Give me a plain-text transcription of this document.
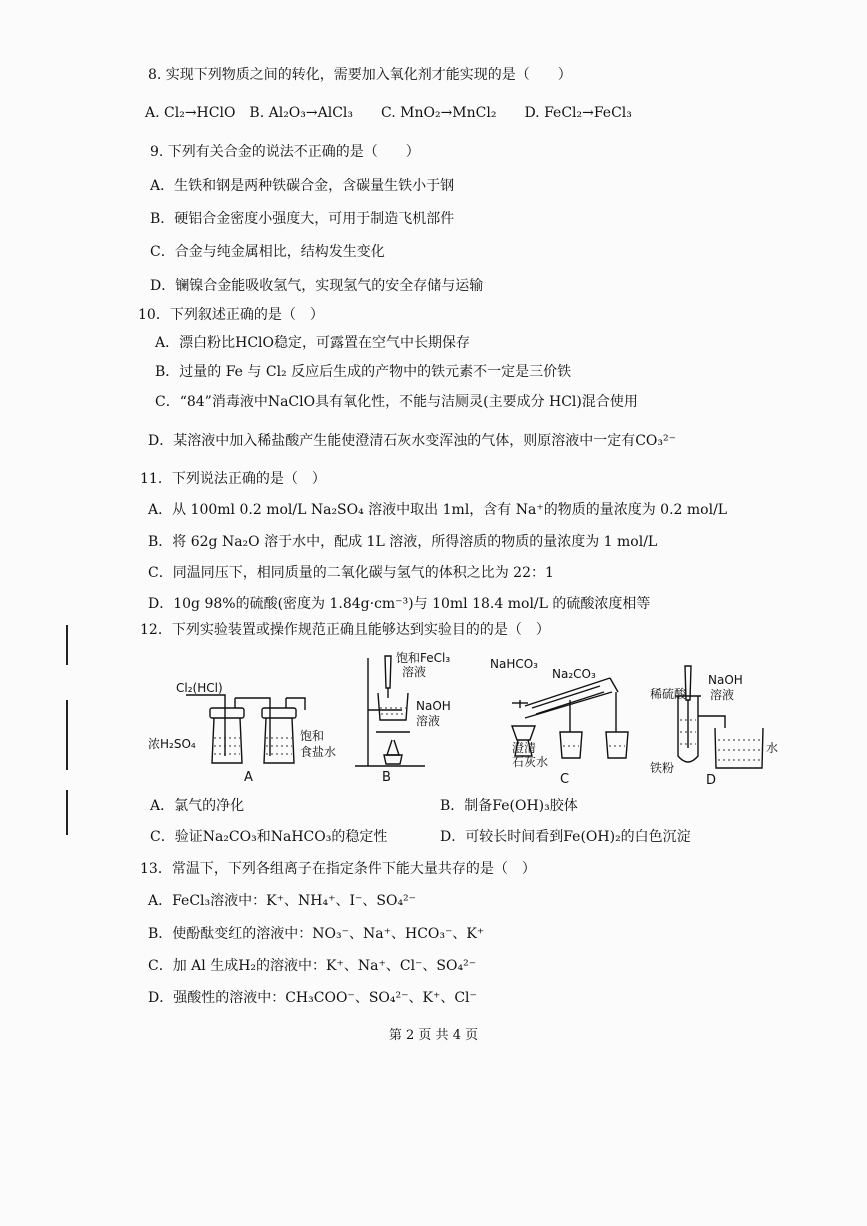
8. 实现下列物质之间的转化，需要加入氧化剂才能实现的是（　　）
A. Cl₂→HClO　B. Al₂O₃→AlCl₃　　C. MnO₂→MnCl₂　　D. FeCl₂→FeCl₃
9. 下列有关合金的说法不正确的是（　　）
A．生铁和钢是两种铁碳合金，含碳量生铁小于钢
B．硬铝合金密度小强度大，可用于制造飞机部件
C．合金与纯金属相比，结构发生变化
D．镧镍合金能吸收氢气，实现氢气的安全存储与运输
10．下列叙述正确的是（　）
A．漂白粉比HClO稳定，可露置在空气中长期保存
B．过量的 Fe 与 Cl₂ 反应后生成的产物中的铁元素不一定是三价铁
C．“84”消毒液中NaClO具有氧化性，不能与洁厕灵(主要成分 HCl)混合使用
D．某溶液中加入稀盐酸产生能使澄清石灰水变浑浊的气体，则原溶液中一定有CO₃²⁻
11．下列说法正确的是（　）
A．从 100ml 0.2 mol/L Na₂SO₄ 溶液中取出 1ml，含有 Na⁺的物质的量浓度为 0.2 mol/L
B．将 62g Na₂O 溶于水中，配成 1L 溶液，所得溶质的物质的量浓度为 1 mol/L
C．同温同压下，相同质量的二氧化碳与氢气的体积之比为 22：1
D．10g 98%的硫酸(密度为 1.84g·cm⁻³)与 10ml 18.4 mol/L 的硫酸浓度相等
12．下列实验装置或操作规范正确且能够达到实验目的的是（　）
Cl₂(HCl)
浓H₂SO₄
饱和
食盐水
A
饱和FeCl₃
溶液
NaOH
溶液
B
NaHCO₃
Na₂CO₃
澄清
石灰水
C
稀硫酸
NaOH
溶液
水
铁粉
D
A．氯气的净化	B．制备Fe(OH)₃胶体
C．验证Na₂CO₃和NaHCO₃的稳定性	D．可较长时间看到Fe(OH)₂的白色沉淀
13．常温下，下列各组离子在指定条件下能大量共存的是（　）
A．FeCl₃溶液中：K⁺、NH₄⁺、I⁻、SO₄²⁻
B．使酚酞变红的溶液中：NO₃⁻、Na⁺、HCO₃⁻、K⁺
C．加 Al 生成H₂的溶液中：K⁺、Na⁺、Cl⁻、SO₄²⁻
D．强酸性的溶液中：CH₃COO⁻、SO₄²⁻、K⁺、Cl⁻
第 2 页 共 4 页
